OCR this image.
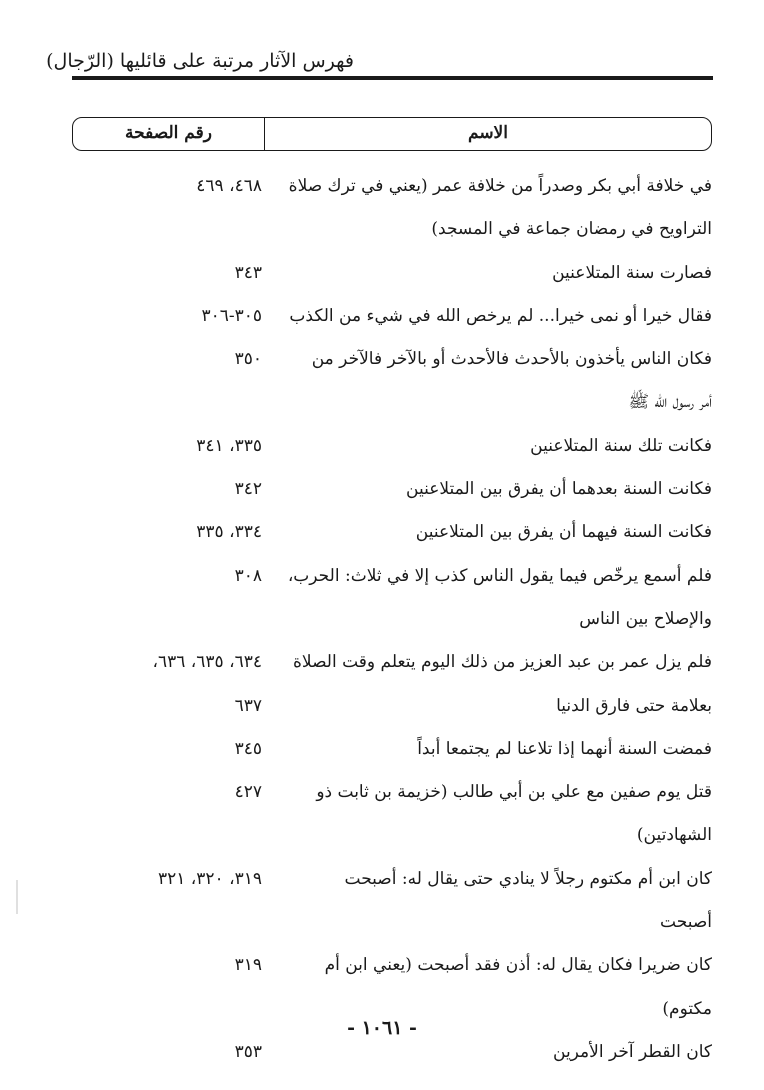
فهرس الآثار مرتبة على قائليها (الرّجال)
الاسم
رقم الصفحة
في خلافة أبي بكر وصدراً من خلافة عمر (يعني في ترك صلاة
٤٦٨، ٤٦٩
التراويح في رمضان جماعة في المسجد)
فصارت سنة المتلاعنين
٣٤٣
فقال خيرا أو نمى خيرا... لم يرخص الله في شيء من الكذب
٣٠٥-٣٠٦
فكان الناس يأخذون بالأحدث فالأحدث أو بالآخر فالآخر من
٣٥٠
أمر رسول الله ﷺ
فكانت تلك سنة المتلاعنين
٣٣٥، ٣٤١
فكانت السنة بعدهما أن يفرق بين المتلاعنين
٣٤٢
فكانت السنة فيهما أن يفرق بين المتلاعنين
٣٣٤، ٣٣٥
فلم أسمع يرخّص فيما يقول الناس كذب إلا في ثلاث: الحرب،
٣٠٨
والإصلاح بين الناس
فلم يزل عمر بن عبد العزيز من ذلك اليوم يتعلم وقت الصلاة
٦٣٤، ٦٣٥، ٦٣٦،
بعلامة حتى فارق الدنيا
٦٣٧
فمضت السنة أنهما إذا تلاعنا لم يجتمعا أبداً
٣٤٥
قتل يوم صفين مع علي بن أبي طالب (خزيمة بن ثابت ذو
٤٢٧
الشهادتين)
كان ابن أم مكتوم رجلاً لا ينادي حتى يقال له: أصبحت
٣١٩، ٣٢٠، ٣٢١
أصبحت
كان ضريرا فكان يقال له: أذن فقد أصبحت (يعني ابن أم
٣١٩
مكتوم)
كان القطر آخر الأمرين
٣٥٣
- ١٠٦١ -
